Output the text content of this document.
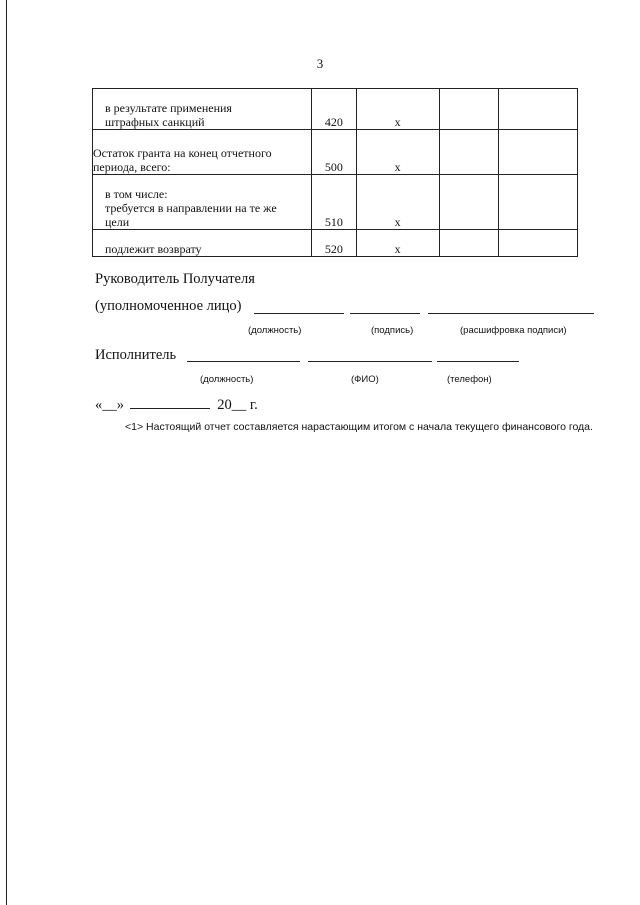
3
в результате применения
штрафных санкций	420	x		

Остаток гранта на конец отчетного
периода, всего:	500	x		

в том числе:
требуется в направлении на те же
цели	510	x		

подлежит возврату	520	x		
Руководитель Получателя
(уполномоченное лицо)
(должность)	(подпись)	(расшифровка подписи)
Исполнитель
(должность)	(ФИО)	(телефон)
«__»	20__ г.
<1> Настоящий отчет составляется нарастающим итогом с начала текущего финансового года.
